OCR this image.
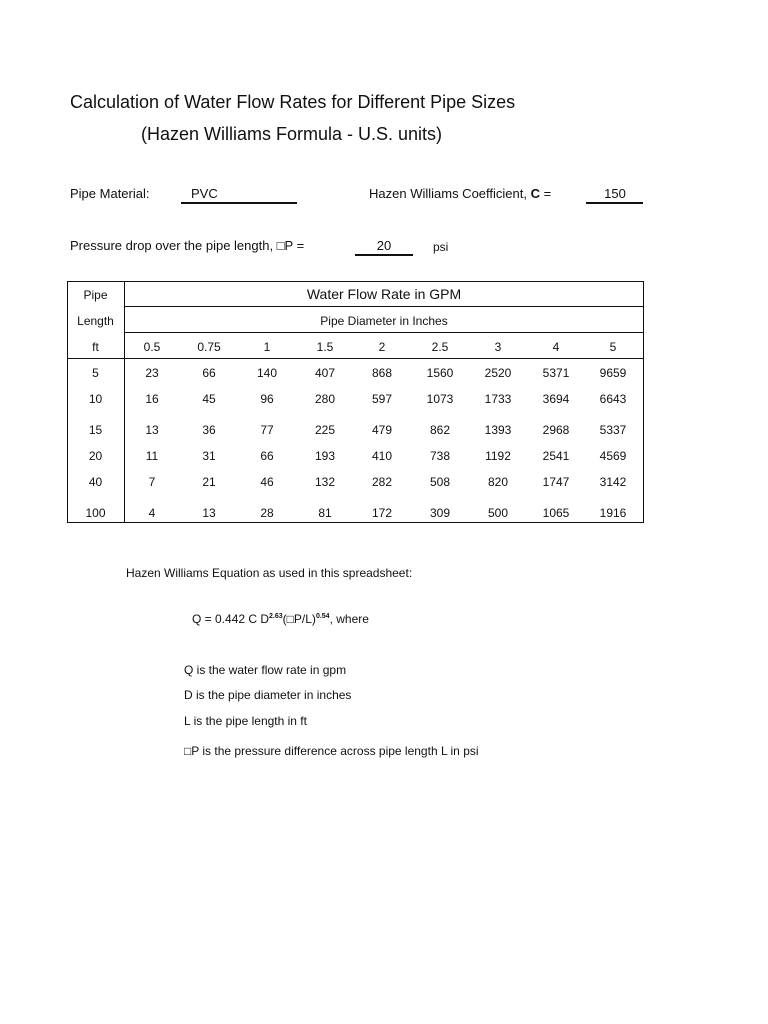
Calculation of Water Flow Rates for Different Pipe Sizes
(Hazen Williams Formula - U.S. units)
Pipe Material:	PVC	Hazen Williams Coefficient, C =	150
Pressure drop over the pipe length, □P =	20	psi
Pipe
Length
ft
Water Flow Rate in GPM
Pipe Diameter in Inches
0.5	0.75	1	1.5	2	2.5	3	4	5
5	23	66	140	407	868	1560	2520	5371	9659
10	16	45	96	280	597	1073	1733	3694	6643
15	13	36	77	225	479	862	1393	2968	5337
20	11	31	66	193	410	738	1192	2541	4569
40	7	21	46	132	282	508	820	1747	3142
100	4	13	28	81	172	309	500	1065	1916
Hazen Williams Equation as used in this spreadsheet:
Q = 0.442 C $D^{2.63}(□P/L)^{0.54}$, where
Q is the water flow rate in gpm
D is the pipe diameter in inches
L is the pipe length in ft
□P is the pressure difference across pipe length L in psi
